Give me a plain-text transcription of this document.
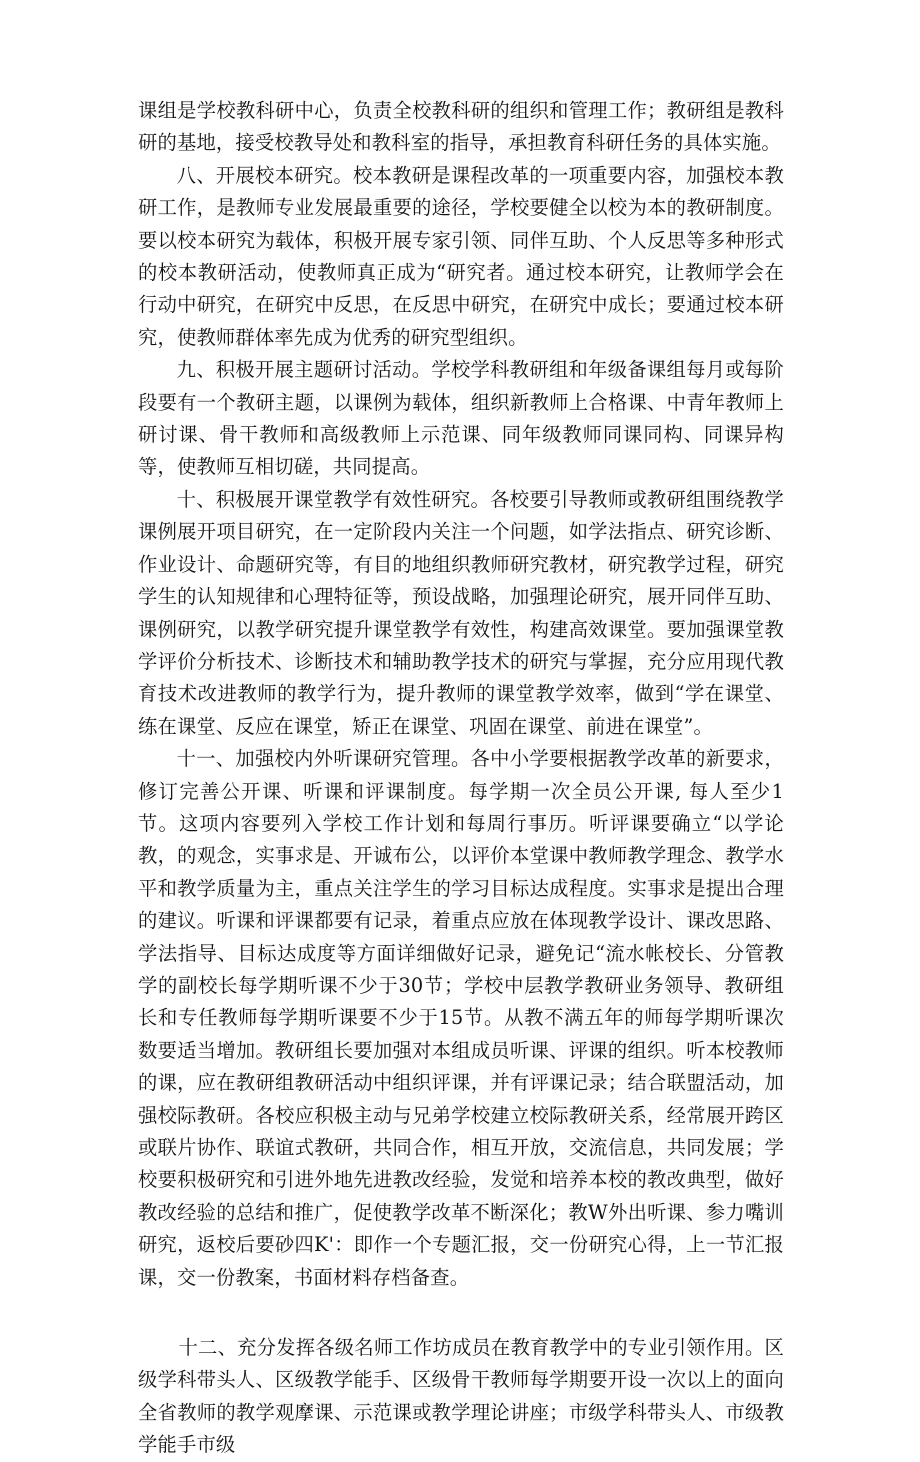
课组是学校教科研中心，负责全校教科研的组织和管理工作；教研组是教科研的基地，接受校教导处和教科室的指导，承担教育科研任务的具体实施。

八、开展校本研究。校本教研是课程改革的一项重要内容，加强校本教研工作，是教师专业发展最重要的途径，学校要健全以校为本的教研制度。要以校本研究为载体，积极开展专家引领、同伴互助、个人反思等多种形式的校本教研活动，使教师真正成为“研究者。通过校本研究，让教师学会在行动中研究，在研究中反思，在反思中研究，在研究中成长；要通过校本研究，使教师群体率先成为优秀的研究型组织。

九、积极开展主题研讨活动。学校学科教研组和年级备课组每月或每阶段要有一个教研主题，以课例为载体，组织新教师上合格课、中青年教师上研讨课、骨干教师和高级教师上示范课、同年级教师同课同构、同课异构等，使教师互相切磋，共同提高。

十、积极展开课堂教学有效性研究。各校要引导教师或教研组围绕教学课例展开项目研究，在一定阶段内关注一个问题，如学法指点、研究诊断、作业设计、命题研究等，有目的地组织教师研究教材，研究教学过程，研究学生的认知规律和心理特征等，预设战略，加强理论研究，展开同伴互助、课例研究，以教学研究提升课堂教学有效性，构建高效课堂。要加强课堂教学评价分析技术、诊断技术和辅助教学技术的研究与掌握，充分应用现代教育技术改进教师的教学行为，提升教师的课堂教学效率，做到“学在课堂、练在课堂、反应在课堂，矫正在课堂、巩固在课堂、前进在课堂”。

十一、加强校内外听课研究管理。各中小学要根据教学改革的新要求，修订完善公开课、听课和评课制度。每学期一次全员公开课, 每人至少1节。这项内容要列入学校工作计划和每周行事历。听评课要确立“以学论教，的观念，实事求是、开诚布公，以评价本堂课中教师教学理念、教学水平和教学质量为主，重点关注学生的学习目标达成程度。实事求是提出合理的建议。听课和评课都要有记录，着重点应放在体现教学设计、课改思路、学法指导、目标达成度等方面详细做好记录，避免记“流水帐校长、分管教学的副校长每学期听课不少于30节；学校中层教学教研业务领导、教研组长和专任教师每学期听课要不少于15节。从教不满五年的师每学期听课次数要适当增加。教研组长要加强对本组成员听课、评课的组织。听本校教师的课，应在教研组教研活动中组织评课，并有评课记录；结合联盟活动，加强校际教研。各校应积极主动与兄弟学校建立校际教研关系，经常展开跨区或联片协作、联谊式教研，共同合作，相互开放，交流信息，共同发展；学校要积极研究和引进外地先进教改经验，发觉和培养本校的教改典型，做好教改经验的总结和推广，促使教学改革不断深化；教W外出听课、参力嘴训研究，返校后要砂四K'：即作一个专题汇报，交一份研究心得，上一节汇报课，交一份教案，书面材料存档备查。

十二、充分发挥各级名师工作坊成员在教育教学中的专业引领作用。区级学科带头人、区级教学能手、区级骨干教师每学期要开设一次以上的面向全省教师的教学观摩课、示范课或教学理论讲座；市级学科带头人、市级教学能手市级
